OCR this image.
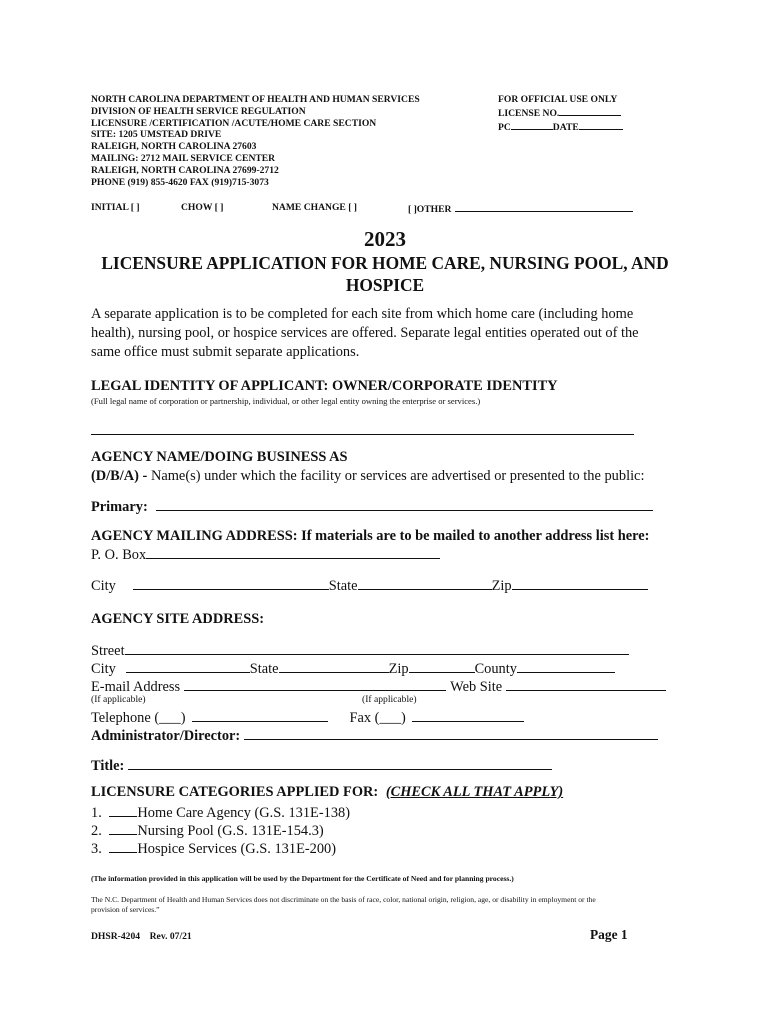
NORTH CAROLINA DEPARTMENT OF HEALTH AND HUMAN SERVICES
DIVISION OF HEALTH SERVICE REGULATION
LICENSURE /CERTIFICATION /ACUTE/HOME CARE SECTION
SITE: 1205 UMSTEAD DRIVE
RALEIGH, NORTH CAROLINA 27603
MAILING: 2712 MAIL SERVICE CENTER
RALEIGH, NORTH CAROLINA 27699-2712
PHONE (919) 855-4620 FAX (919)715-3073
FOR OFFICIAL USE ONLY
LICENSE NO.
PC	DATE
INITIAL [ ]	CHOW [ ]	NAME CHANGE [ ]	[ ]OTHER
2023
LICENSURE APPLICATION FOR HOME CARE, NURSING POOL, AND
HOSPICE
A separate application is to be completed for each site from which home care (including home
health), nursing pool, or hospice services are offered. Separate legal entities operated out of the
same office must submit separate applications.
LEGAL IDENTITY OF APPLICANT: OWNER/CORPORATE IDENTITY
(Full legal name of corporation or partnership, individual, or other legal entity owning the enterprise or services.)
AGENCY NAME/DOING BUSINESS AS
(D/B/A) - Name(s) under which the facility or services are advertised or presented to the public:
Primary:
AGENCY MAILING ADDRESS: If materials are to be mailed to another address list here:
P. O. Box
City	State	Zip
AGENCY SITE ADDRESS:
Street
City	State	Zip	County
E-mail Address	Web Site
(If applicable)	(If applicable)
Telephone (___)	Fax (___)
Administrator/Director:
Title:
LICENSURE CATEGORIES APPLIED FOR: (CHECK ALL THAT APPLY)
1. Home Care Agency (G.S. 131E-138)
2. Nursing Pool (G.S. 131E-154.3)
3. Hospice Services (G.S. 131E-200)
(The information provided in this application will be used by the Department for the Certificate of Need and for planning process.)
The N.C. Department of Health and Human Services does not discriminate on the basis of race, color, national origin, religion, age, or disability in employment or the
provision of services.”
DHSR-4204    Rev. 07/21	Page 1
